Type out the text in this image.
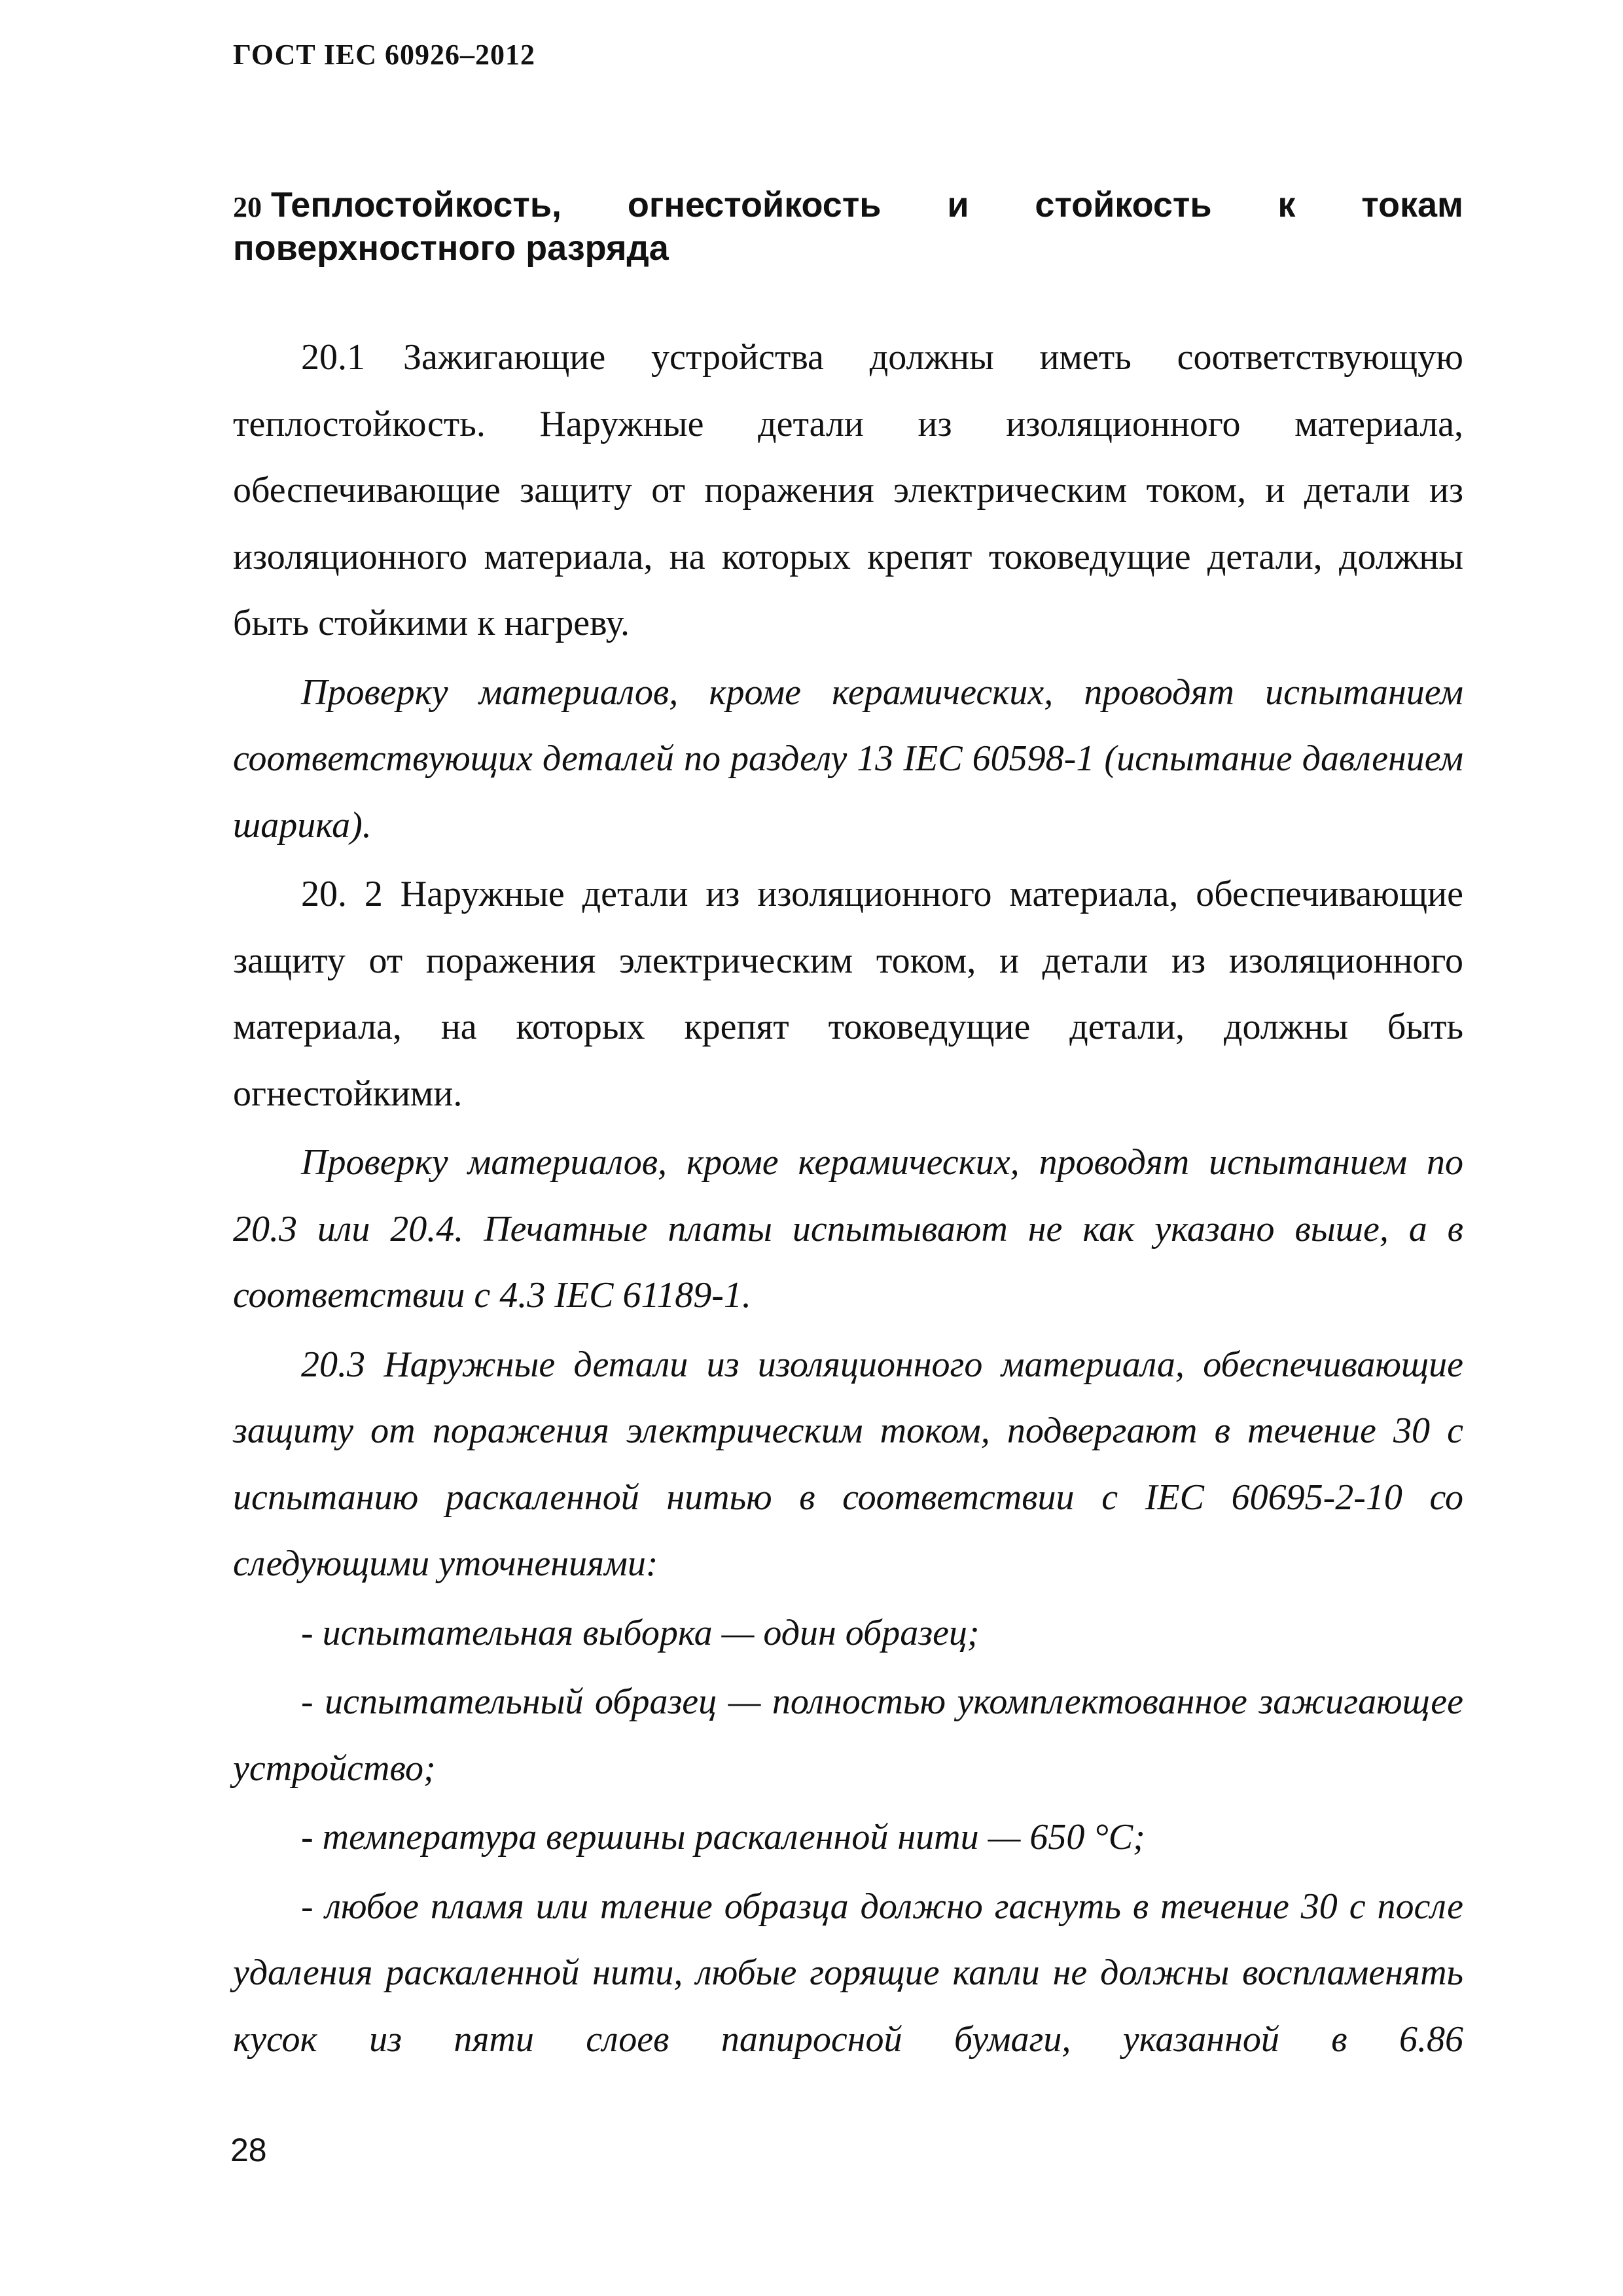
ГОСТ IEC 60926–2012
20 Теплостойкость, огнестойкость и стойкость к токам поверхностного разряда

20.1 Зажигающие устройства должны иметь соответствующую теплостойкость. Наружные детали из изоляционного материала, обеспечивающие защиту от поражения электрическим током, и детали из изоляционного материала, на которых крепят токоведущие детали, должны быть стойкими к нагреву.

Проверку материалов, кроме керамических, проводят испытанием соответствующих деталей по разделу 13 IEC 60598-1 (испытание давлением шарика).

20. 2 Наружные детали из изоляционного материала, обеспечивающие защиту от поражения электрическим током, и детали из изоляционного материала, на которых крепят токоведущие детали, должны быть огнестойкими.

Проверку материалов, кроме керамических, проводят испытанием по 20.3 или 20.4. Печатные платы испытывают не как указано выше, а в соответствии с 4.3 IEC 61189-1.

20.3 Наружные детали из изоляционного материала, обеспечивающие защиту от поражения электрическим током, подвергают в течение 30 с испытанию раскаленной нитью в соответствии с IEC 60695-2-10 со следующими уточнениями:

- испытательная выборка — один образец;

- испытательный образец — полностью укомплектованное зажигающее устройство;

- температура вершины раскаленной нити — 650 °С;

- любое пламя или тление образца должно гаснуть в течение 30 с после удаления раскаленной нити, любые горящие капли не должны воспламенять кусок из пяти слоев папиросной бумаги, указанной в 6.86

28
